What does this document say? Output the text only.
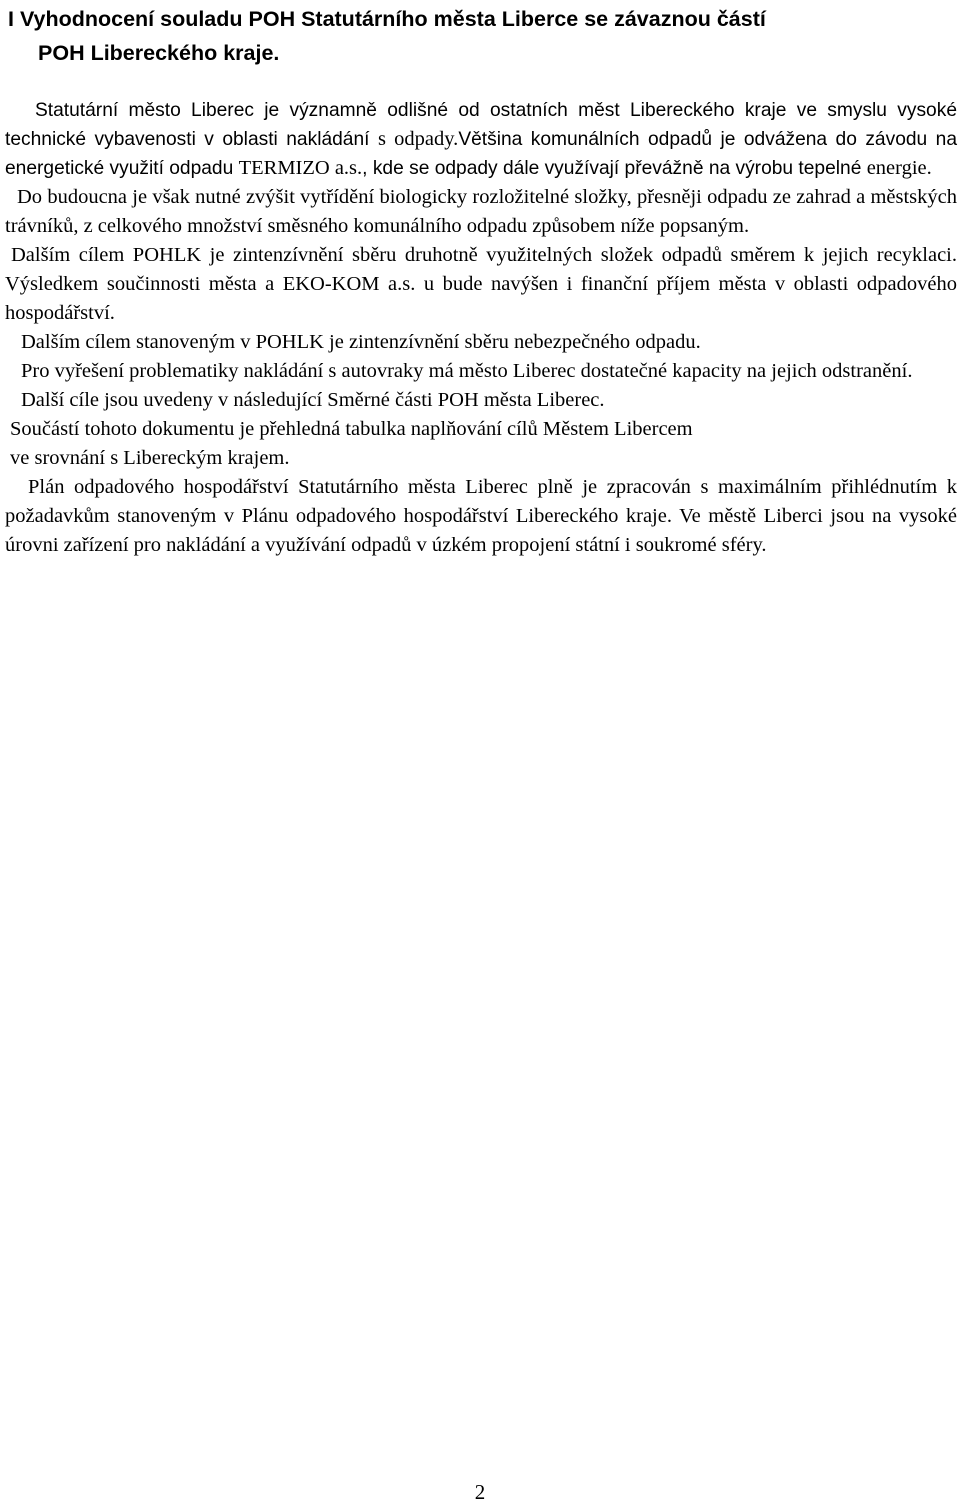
I Vyhodnocení souladu POH Statutárního města Liberce se závaznou částí
POH Libereckého kraje.

Statutární město Liberec je významně odlišné od ostatních měst Libereckého kraje ve smyslu vysoké technické vybavenosti v oblasti nakládání s odpady.Většina komunálních odpadů je odvážena do závodu na energetické využití odpadu TERMIZO a.s., kde se odpady dále využívají převážně na výrobu tepelné energie.

Do budoucna je však nutné zvýšit vytřídění biologicky rozložitelné složky, přesněji odpadu ze zahrad a městských trávníků, z celkového množství směsného komunálního odpadu způsobem níže popsaným.

Dalším cílem POHLK je zintenzívnění sběru druhotně využitelných složek odpadů směrem k jejich recyklaci. Výsledkem součinnosti města a EKO-KOM a.s. u bude navýšen i finanční příjem města v oblasti odpadového hospodářství.

Dalším cílem stanoveným v POHLK je zintenzívnění sběru nebezpečného odpadu.

Pro vyřešení problematiky nakládání s autovraky má město Liberec dostatečné kapacity na jejich odstranění.

Další cíle jsou uvedeny v následující Směrné části POH města Liberec.

Součástí tohoto dokumentu je přehledná tabulka naplňování cílů Městem Libercem
ve srovnání s Libereckým krajem.

Plán odpadového hospodářství Statutárního města Liberec plně je zpracován s maximálním přihlédnutím k požadavkům stanoveným v Plánu odpadového hospodářství Libereckého kraje. Ve městě Liberci jsou na vysoké úrovni zařízení pro nakládání a využívání odpadů v úzkém propojení státní i soukromé sféry.

2
